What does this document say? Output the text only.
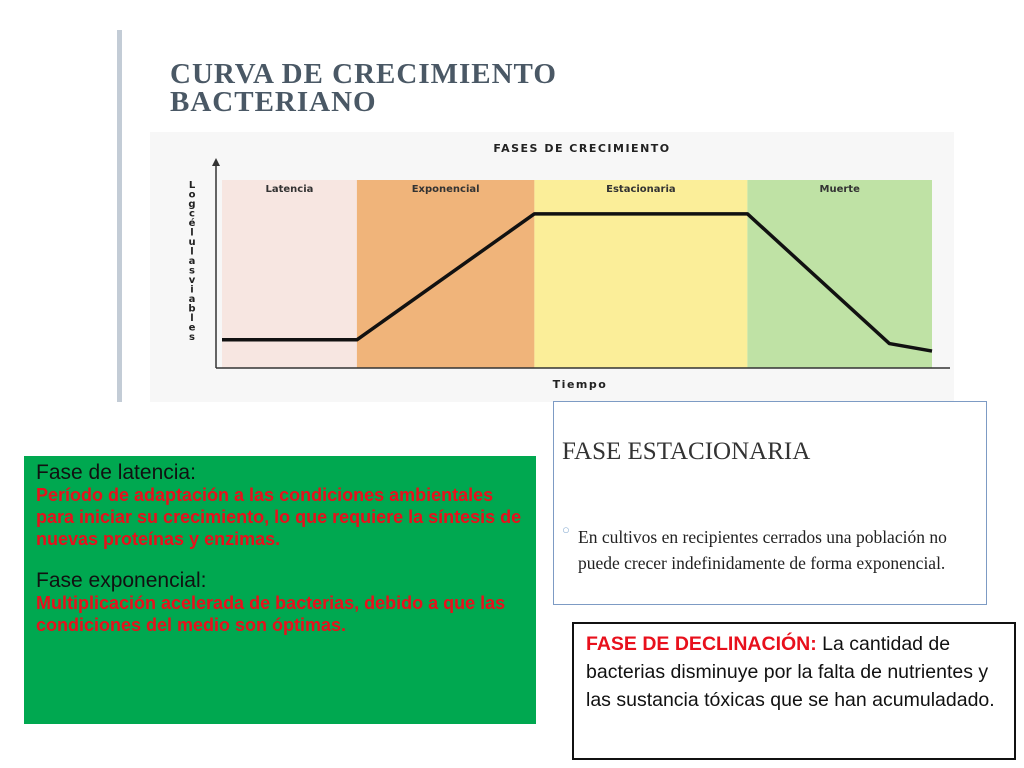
CURVA DE CRECIMIENTO
BACTERIANO
Latencia	Exponencial	Estacionaria	Muerte
FASES DE CRECIMIENTO
L o g c é l u l a s v i a b l e s
Tiempo
Fase de latencia:
Período de adaptación a las condiciones ambientales para iniciar su crecimiento, lo que requiere la síntesis de nuevas proteínas y enzimas.
Fase exponencial:
Multiplicación acelerada de bacterias, debido a que las condiciones del medio son óptimas.
FASE ESTACIONARIA
○ En cultivos en recipientes cerrados una población no puede crecer indefinidamente de forma exponencial.
FASE DE DECLINACIÓN: La cantidad de bacterias disminuye por la falta de nutrientes y las sustancia tóxicas que se han acumuladado.
